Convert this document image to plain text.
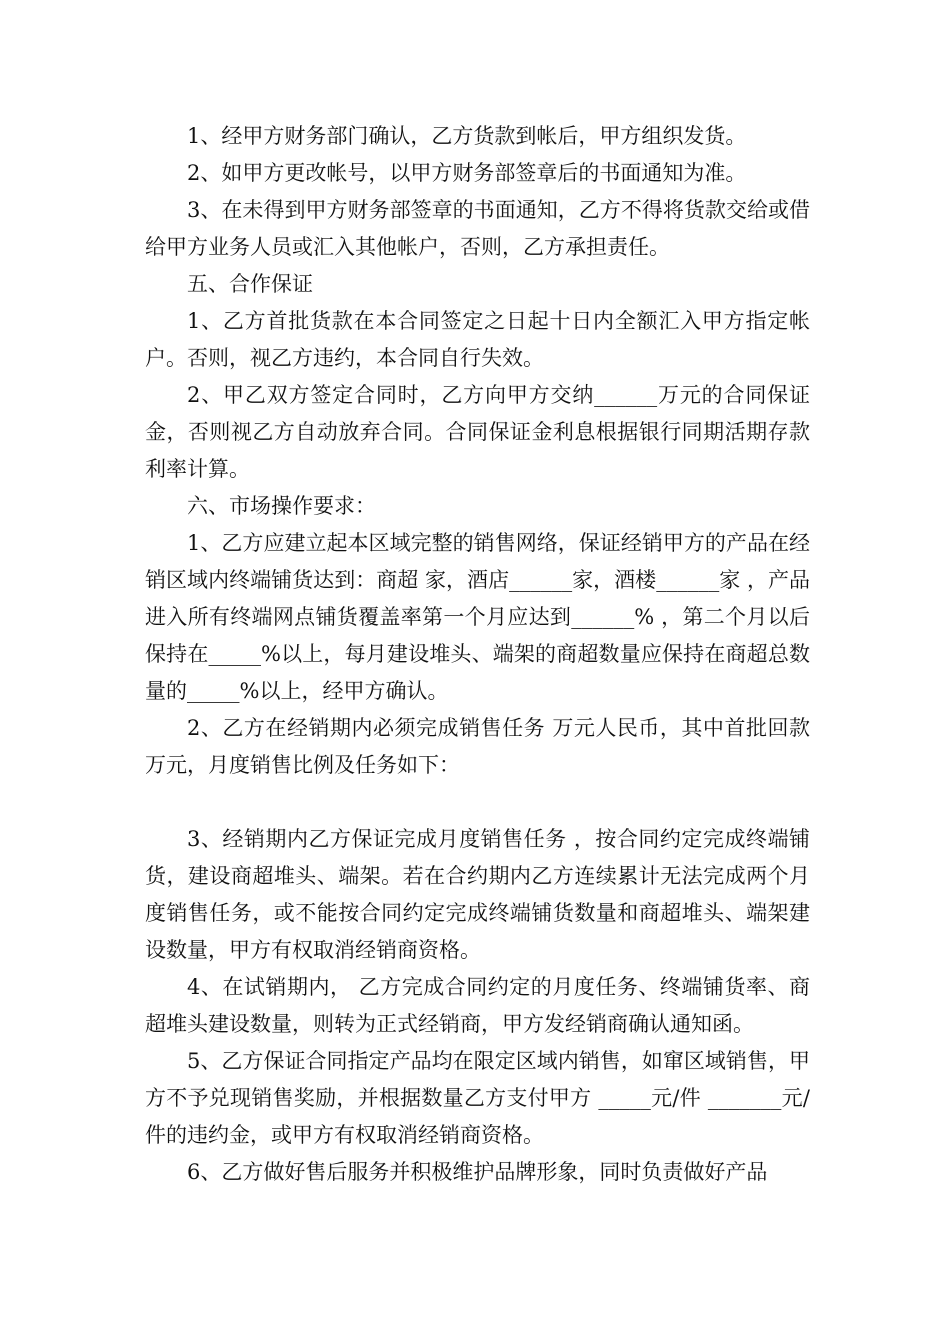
1、经甲方财务部门确认，乙方货款到帐后，甲方组织发货。

2、如甲方更改帐号，以甲方财务部签章后的书面通知为准。

3、在未得到甲方财务部签章的书面通知，乙方不得将货款交给或借给甲方业务人员或汇入其他帐户，否则，乙方承担责任。

五、合作保证

1、乙方首批货款在本合同签定之日起十日内全额汇入甲方指定帐户。否则，视乙方违约，本合同自行失效。

2、甲乙双方签定合同时，乙方向甲方交纳______万元的合同保证金，否则视乙方自动放弃合同。合同保证金利息根据银行同期活期存款利率计算。

六、市场操作要求：

1、乙方应建立起本区域完整的销售网络，保证经销甲方的产品在经销区域内终端铺货达到：商超 家，酒店______家，酒楼______家 ，产品进入所有终端网点铺货覆盖率第一个月应达到______% ，第二个月以后保持在_____%以上，每月建设堆头、端架的商超数量应保持在商超总数量的_____%以上，经甲方确认。

2、乙方在经销期内必须完成销售任务 万元人民币，其中首批回款 万元，月度销售比例及任务如下：

3、经销期内乙方保证完成月度销售任务 ，按合同约定完成终端铺货，建设商超堆头、端架。若在合约期内乙方连续累计无法完成两个月度销售任务，或不能按合同约定完成终端铺货数量和商超堆头、端架建设数量，甲方有权取消经销商资格。

4、在试销期内， 乙方完成合同约定的月度任务、终端铺货率、商超堆头建设数量，则转为正式经销商，甲方发经销商确认通知函。

5、乙方保证合同指定产品均在限定区域内销售，如窜区域销售，甲方不予兑现销售奖励，并根据数量乙方支付甲方 _____元/件 _______元/件的违约金，或甲方有权取消经销商资格。

6、乙方做好售后服务并积极维护品牌形象，同时负责做好产品
